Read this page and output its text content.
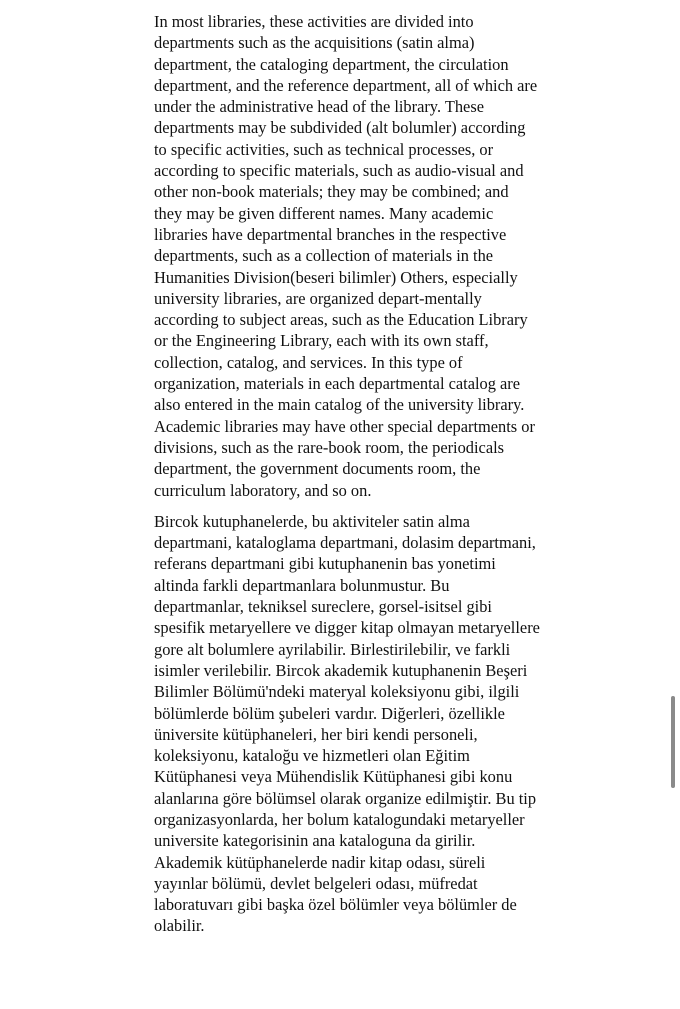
In most libraries, these activities are divided into departments such as the acquisitions (satin alma) department, the cataloging department, the circulation department, and the reference department, all of which are under the administrative head of the library. These departments may be subdivided (alt bolumler) according to specific activities, such as technical processes, or according to specific materials, such as audio-visual and other non-book materials; they may be combined; and they may be given different names. Many academic libraries have departmental branches in the respective departments, such as a collection of materials in the Humanities Division(beseri bilimler) Others, especially university libraries, are organized depart-mentally according to subject areas, such as the Education Library or the Engineering Library, each with its own staff, collection, catalog, and services. In this type of organization, materials in each departmental catalog are also entered in the main catalog of the university library. Academic libraries may have other special departments or divisions, such as the rare-book room, the periodicals department, the government documents room, the curriculum laboratory, and so on.

Bircok kutuphanelerde, bu aktiviteler satin alma departmani, kataloglama departmani, dolasim departmani, referans departmani gibi kutuphanenin bas yonetimi altinda farkli departmanlara bolunmustur. Bu departmanlar, tekniksel sureclere, gorsel-isitsel gibi spesifik metaryellere ve digger kitap olmayan metaryellere gore alt bolumlere ayrilabilir. Birlestirilebilir, ve farkli isimler verilebilir. Bircok akademik kutuphanenin Beşeri Bilimler Bölümü'ndeki materyal koleksiyonu gibi, ilgili bölümlerde bölüm şubeleri vardır. Diğerleri, özellikle üniversite kütüphaneleri, her biri kendi personeli, koleksiyonu, kataloğu ve hizmetleri olan Eğitim Kütüphanesi veya Mühendislik Kütüphanesi gibi konu alanlarına göre bölümsel olarak organize edilmiştir. Bu tip organizasyonlarda, her bolum katalogundaki metaryeller universite kategorisinin ana kataloguna da girilir. Akademik kütüphanelerde nadir kitap odası, süreli yayınlar bölümü, devlet belgeleri odası, müfredat laboratuvarı gibi başka özel bölümler veya bölümler de olabilir.
